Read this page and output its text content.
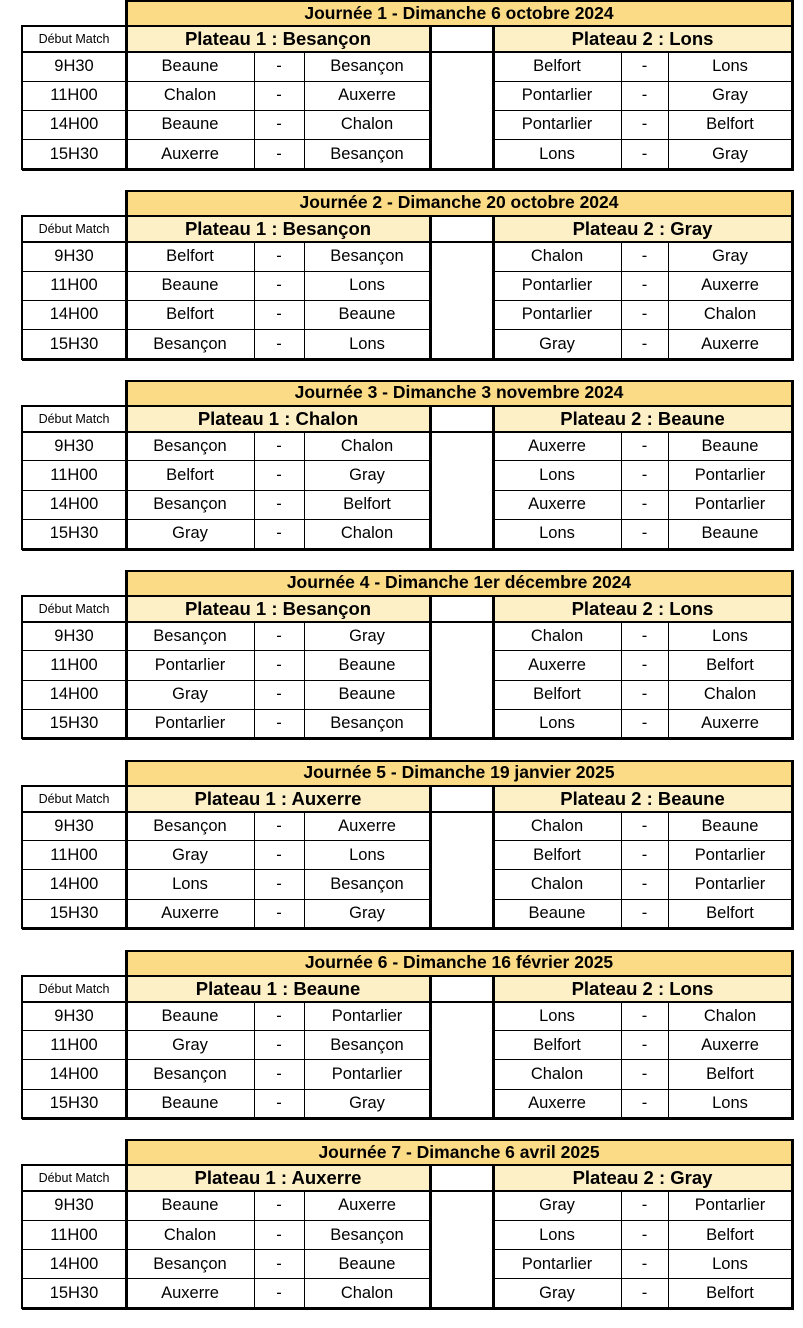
Journée 1 - Dimanche 6 octobre 2024
Début Match	Plateau 1 : Besançon	Plateau 2 : Lons
9H30	Beaune	-	Besançon	Belfort	-	Lons
11H00	Chalon	-	Auxerre	Pontarlier	-	Gray
14H00	Beaune	-	Chalon	Pontarlier	-	Belfort
15H30	Auxerre	-	Besançon	Lons	-	Gray
Journée 2 - Dimanche 20 octobre 2024
Début Match	Plateau 1 : Besançon	Plateau 2 : Gray
9H30	Belfort	-	Besançon	Chalon	-	Gray
11H00	Beaune	-	Lons	Pontarlier	-	Auxerre
14H00	Belfort	-	Beaune	Pontarlier	-	Chalon
15H30	Besançon	-	Lons	Gray	-	Auxerre
Journée 3 - Dimanche 3 novembre 2024
Début Match	Plateau 1 : Chalon	Plateau 2 : Beaune
9H30	Besançon	-	Chalon	Auxerre	-	Beaune
11H00	Belfort	-	Gray	Lons	-	Pontarlier
14H00	Besançon	-	Belfort	Auxerre	-	Pontarlier
15H30	Gray	-	Chalon	Lons	-	Beaune
Journée 4 - Dimanche 1er décembre 2024
Début Match	Plateau 1 : Besançon	Plateau 2 : Lons
9H30	Besançon	-	Gray	Chalon	-	Lons
11H00	Pontarlier	-	Beaune	Auxerre	-	Belfort
14H00	Gray	-	Beaune	Belfort	-	Chalon
15H30	Pontarlier	-	Besançon	Lons	-	Auxerre
Journée 5 - Dimanche 19 janvier 2025
Début Match	Plateau 1 : Auxerre	Plateau 2 : Beaune
9H30	Besançon	-	Auxerre	Chalon	-	Beaune
11H00	Gray	-	Lons	Belfort	-	Pontarlier
14H00	Lons	-	Besançon	Chalon	-	Pontarlier
15H30	Auxerre	-	Gray	Beaune	-	Belfort
Journée 6 - Dimanche 16 février 2025
Début Match	Plateau 1 : Beaune	Plateau 2 : Lons
9H30	Beaune	-	Pontarlier	Lons	-	Chalon
11H00	Gray	-	Besançon	Belfort	-	Auxerre
14H00	Besançon	-	Pontarlier	Chalon	-	Belfort
15H30	Beaune	-	Gray	Auxerre	-	Lons
Journée 7 - Dimanche 6 avril 2025
Début Match	Plateau 1 : Auxerre	Plateau 2 : Gray
9H30	Beaune	-	Auxerre	Gray	-	Pontarlier
11H00	Chalon	-	Besançon	Lons	-	Belfort
14H00	Besançon	-	Beaune	Pontarlier	-	Lons
15H30	Auxerre	-	Chalon	Gray	-	Belfort
